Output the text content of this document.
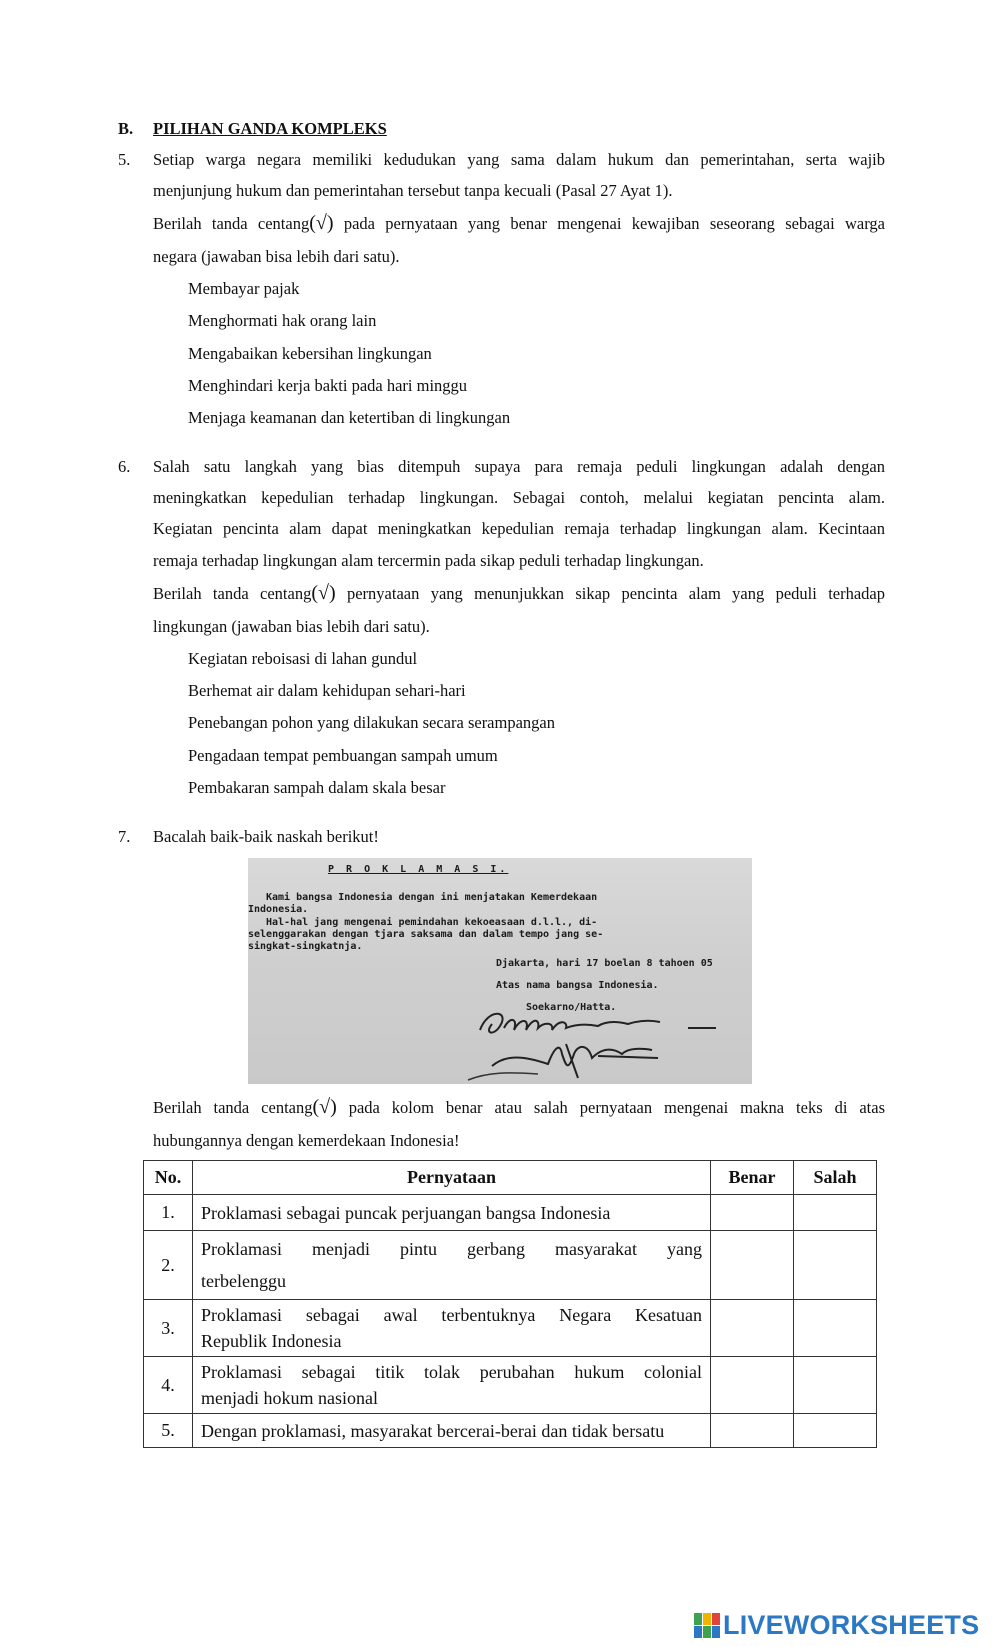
B. PILIHAN GANDA KOMPLEKS
5. Setiap warga negara memiliki kedudukan yang sama dalam hukum dan pemerintahan, serta wajib
menjunjung hukum dan pemerintahan tersebut tanpa kecuali (Pasal 27 Ayat 1).
Berilah tanda centang(√) pada pernyataan yang benar mengenai kewajiban seseorang sebagai warga
negara (jawaban bisa lebih dari satu).
Membayar pajak
Menghormati hak orang lain
Mengabaikan kebersihan lingkungan
Menghindari kerja bakti pada hari minggu
Menjaga keamanan dan ketertiban di lingkungan
6. Salah satu langkah yang bias ditempuh supaya para remaja peduli lingkungan adalah dengan
meningkatkan kepedulian terhadap lingkungan. Sebagai contoh, melalui kegiatan pencinta alam.
Kegiatan pencinta alam dapat meningkatkan kepedulian remaja terhadap lingkungan alam. Kecintaan
remaja terhadap lingkungan alam tercermin pada sikap peduli terhadap lingkungan.
Berilah tanda centang(√) pernyataan yang menunjukkan sikap pencinta alam yang peduli terhadap
lingkungan (jawaban bias lebih dari satu).
Kegiatan reboisasi di lahan gundul
Berhemat air dalam kehidupan sehari-hari
Penebangan pohon yang dilakukan secara serampangan
Pengadaan tempat pembuangan sampah umum
Pembakaran sampah dalam skala besar
7. Bacalah baik-baik naskah berikut!
P R O K L A M A S I.
Kami bangsa Indonesia dengan ini menjatakan Kemerdekaan
Indonesia.
Hal-hal jang mengenai pemindahan kekoeasaan d.l.l., di-
selenggarakan dengan tjara saksama dan dalam tempo jang se-
singkat-singkatnja.
Djakarta, hari 17 boelan 8 tahoen 05
Atas nama bangsa Indonesia.
Soekarno/Hatta.
Berilah tanda centang(√) pada kolom benar atau salah pernyataan mengenai makna teks di atas
hubungannya dengan kemerdekaan Indonesia!
No.	Pernyataan	Benar	Salah
1.	Proklamasi sebagai puncak perjuangan bangsa Indonesia		
2.	Proklamasi menjadi pintu gerbang masyarakat yang
terbelenggu		

3.	Proklamasi sebagai awal terbentuknya Negara Kesatuan
Republik Indonesia		

4.	Proklamasi sebagai titik tolak perubahan hukum colonial
menjadi hokum nasional		

5.	Dengan proklamasi, masyarakat bercerai-berai dan tidak bersatu		
LIVEWORKSHEETS
